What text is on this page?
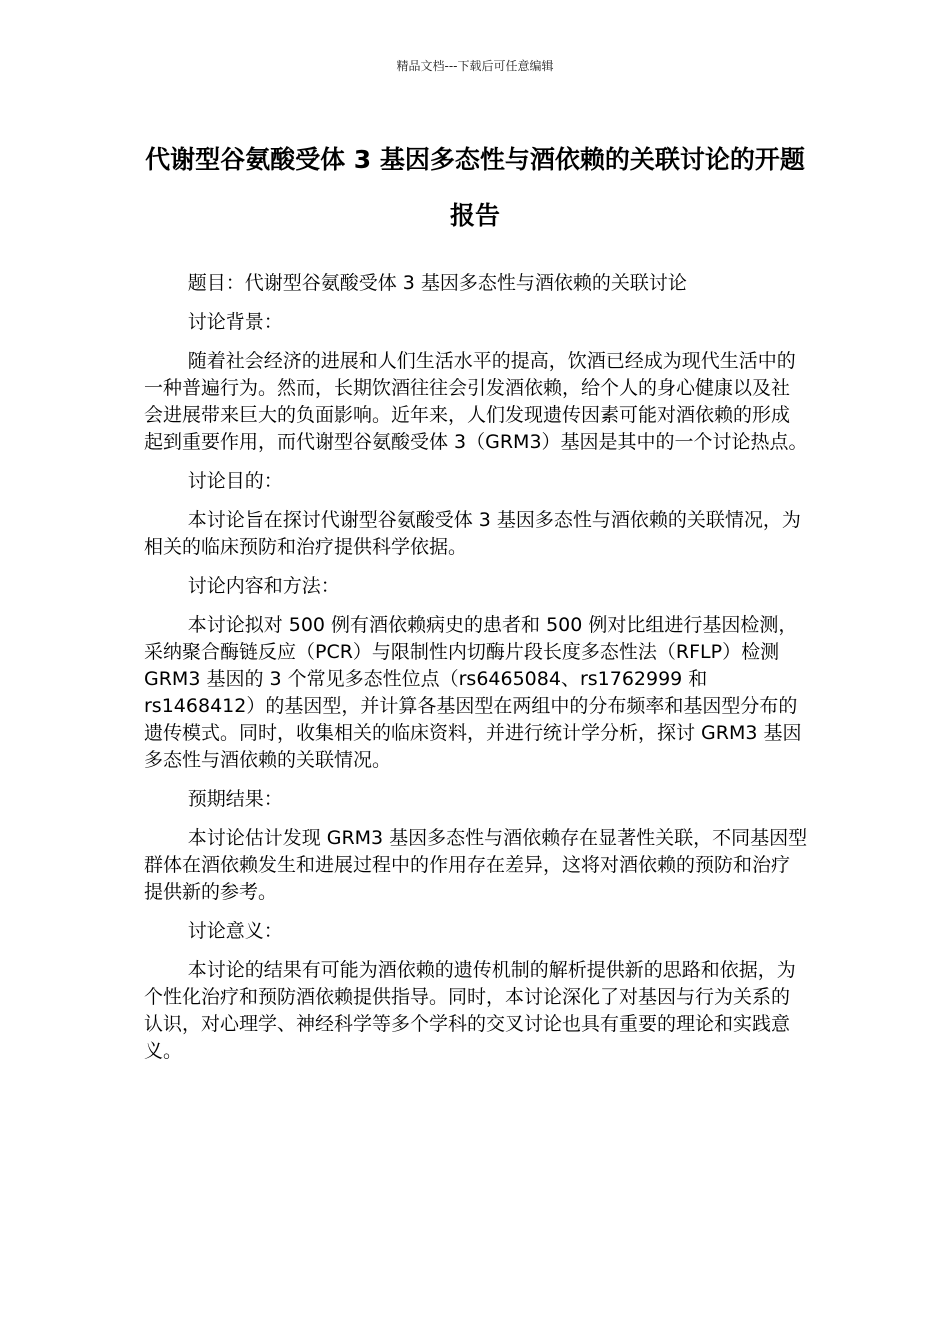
精品文档---下载后可任意编辑
代谢型谷氨酸受体 3 基因多态性与酒依赖的关联讨论的开题报告

题目：代谢型谷氨酸受体 3 基因多态性与酒依赖的关联讨论

讨论背景：

随着社会经济的进展和人们生活水平的提高，饮酒已经成为现代生活中的一种普遍行为。然而，长期饮酒往往会引发酒依赖，给个人的身心健康以及社会进展带来巨大的负面影响。近年来，人们发现遗传因素可能对酒依赖的形成起到重要作用，而代谢型谷氨酸受体 3（GRM3）基因是其中的一个讨论热点。

讨论目的：

本讨论旨在探讨代谢型谷氨酸受体 3 基因多态性与酒依赖的关联情况，为相关的临床预防和治疗提供科学依据。

讨论内容和方法：

本讨论拟对 500 例有酒依赖病史的患者和 500 例对比组进行基因检测，采纳聚合酶链反应（PCR）与限制性内切酶片段长度多态性法（RFLP）检测 GRM3 基因的 3 个常见多态性位点（rs6465084、rs1762999 和 rs1468412）的基因型，并计算各基因型在两组中的分布频率和基因型分布的遗传模式。同时，收集相关的临床资料，并进行统计学分析，探讨 GRM3 基因多态性与酒依赖的关联情况。

预期结果：

本讨论估计发现 GRM3 基因多态性与酒依赖存在显著性关联，不同基因型群体在酒依赖发生和进展过程中的作用存在差异，这将对酒依赖的预防和治疗提供新的参考。

讨论意义：

本讨论的结果有可能为酒依赖的遗传机制的解析提供新的思路和依据，为个性化治疗和预防酒依赖提供指导。同时，本讨论深化了对基因与行为关系的认识，对心理学、神经科学等多个学科的交叉讨论也具有重要的理论和实践意义。
